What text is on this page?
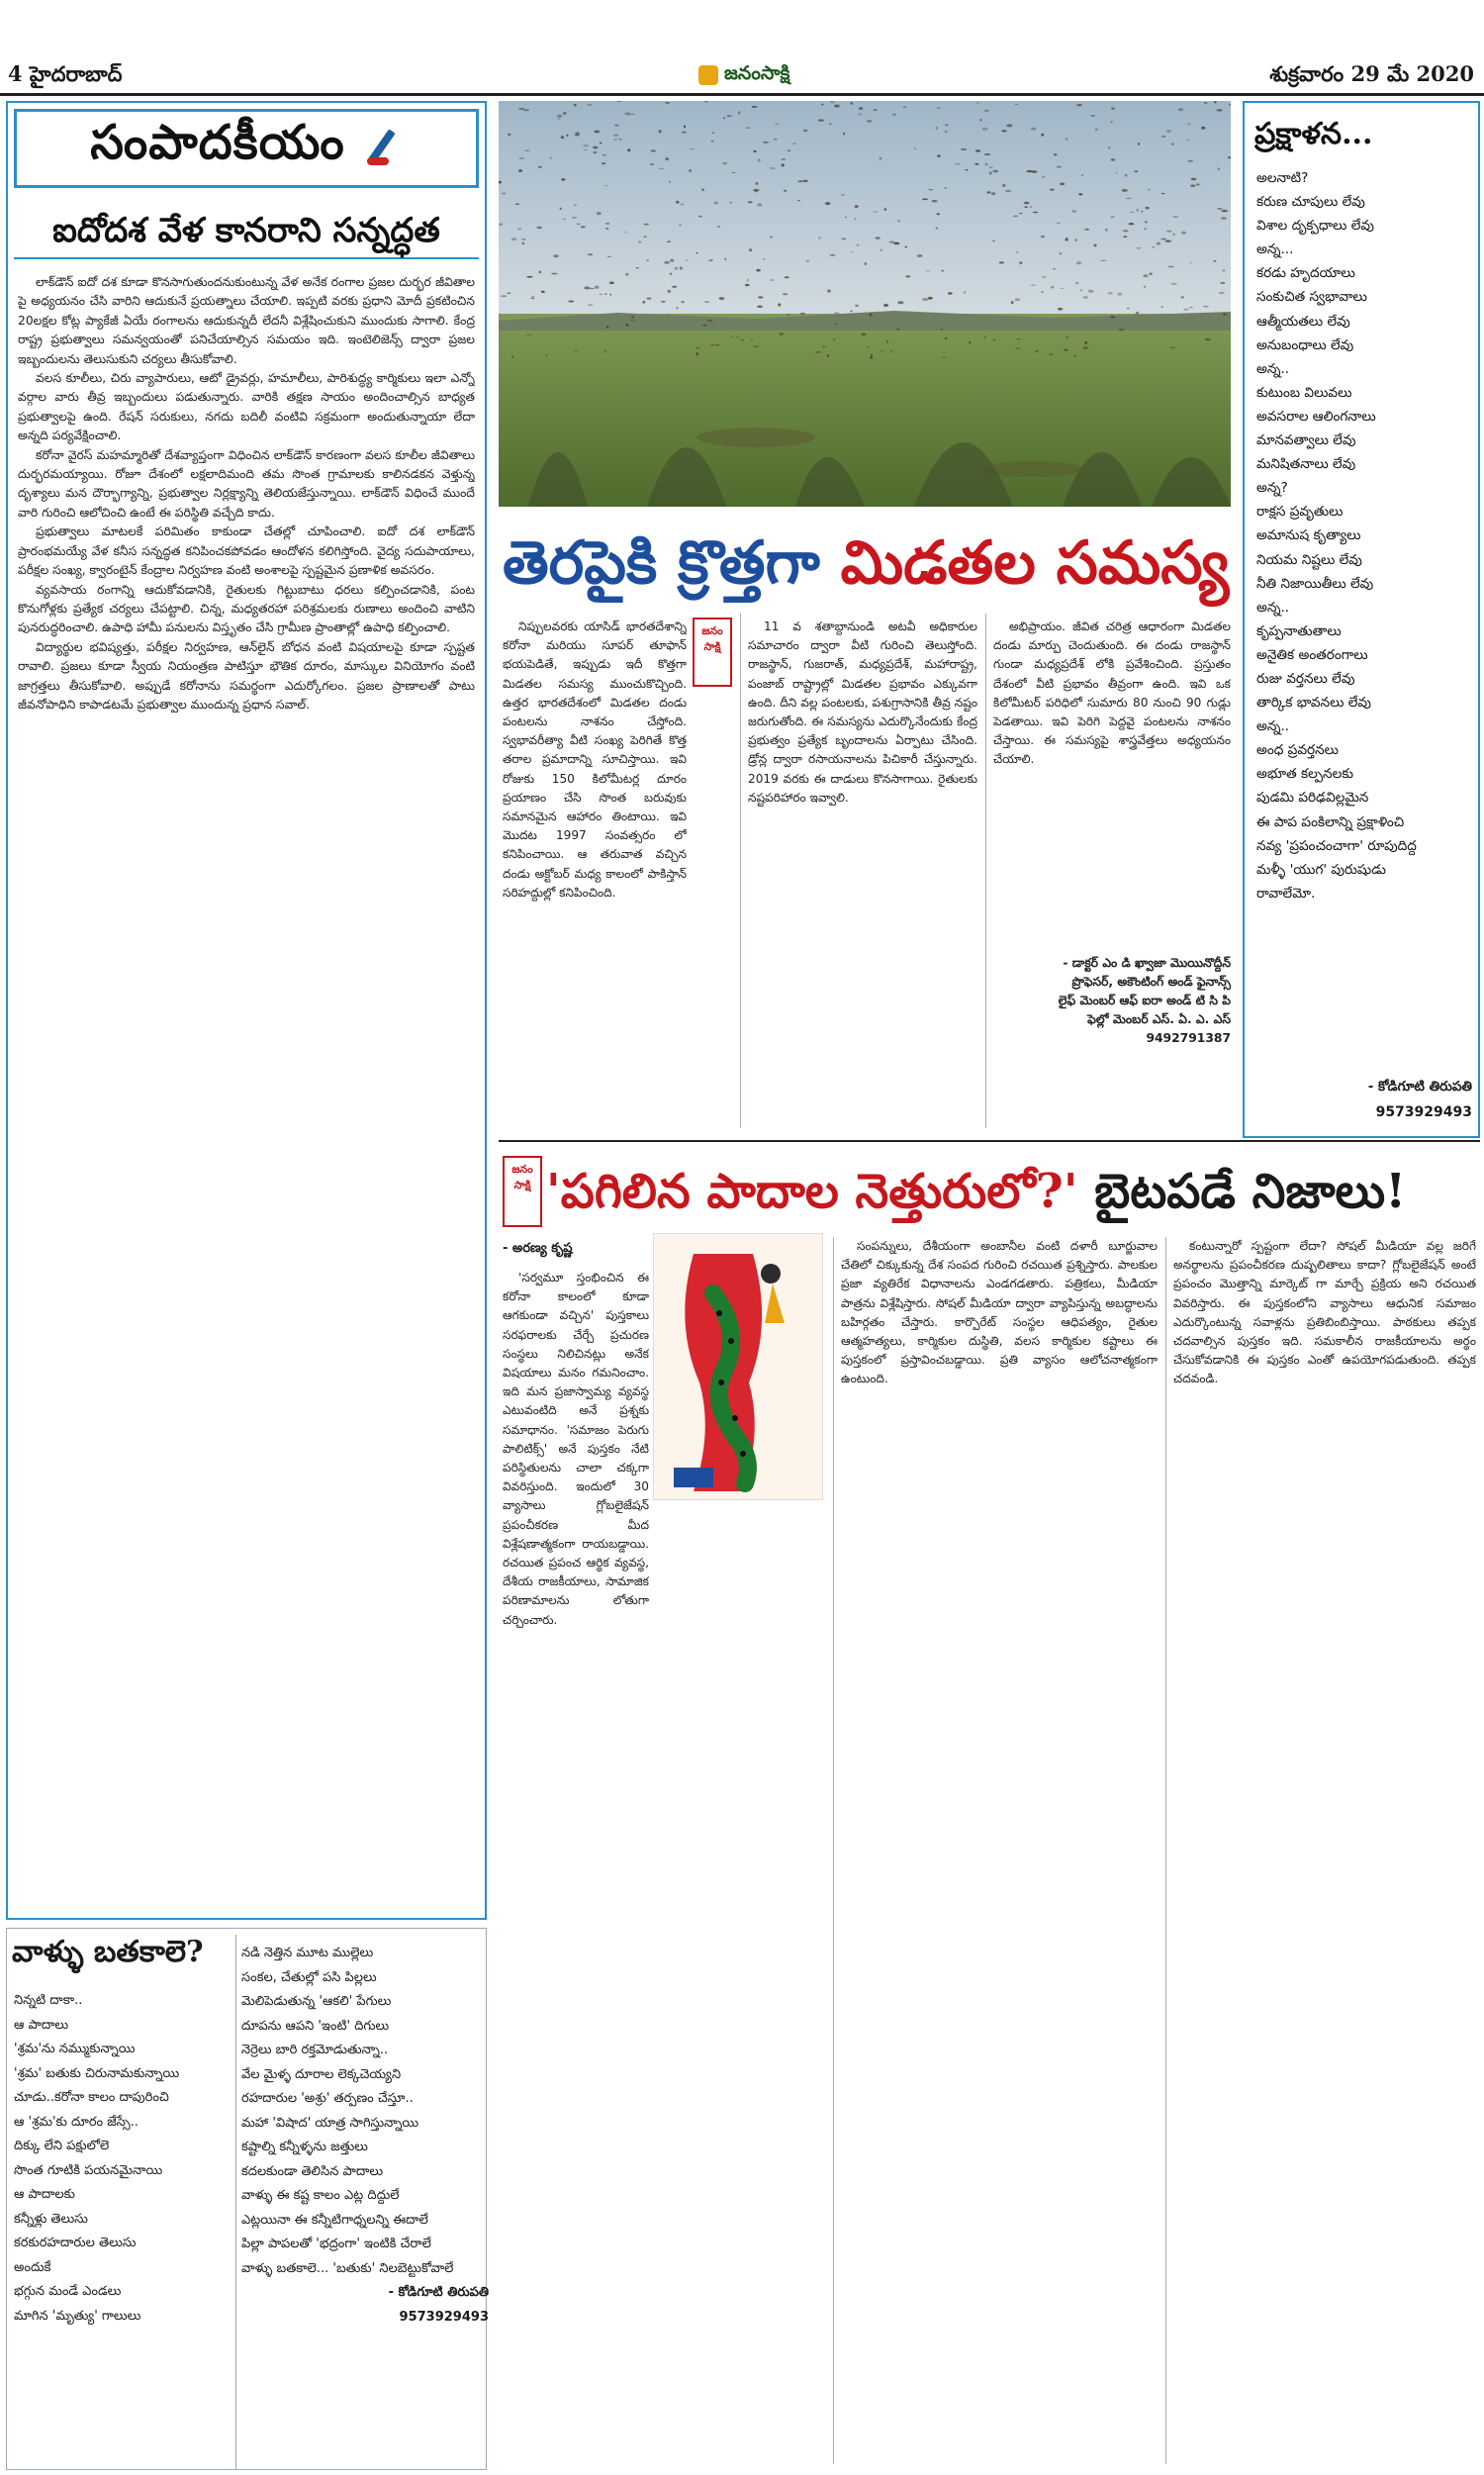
4 హైదరాబాద్	జనంసాక్షి	శుక్రవారం 29 మే 2020
సంపాదకీయం
ఐదోదశ వేళ కానరాని సన్నద్ధత

లాక్‌డౌన్ ఐదో దశ కూడా కొనసాగుతుందనుకుంటున్న వేళ అనేక రంగాల ప్రజల దుర్భర జీవితాల పై అధ్యయనం చేసి వారిని ఆదుకునే ప్రయత్నాలు చేయాలి. ఇప్పటి వరకు ప్రధాని మోదీ ప్రకటించిన 20లక్షల కోట్ల ప్యాకేజీ ఏయే రంగాలను ఆదుకున్నదీ లేదనీ విశ్లేషించుకుని ముందుకు సాగాలి. కేంద్ర రాష్ట్ర ప్రభుత్వాలు సమన్వయంతో పనిచేయాల్సిన సమయం ఇది. ఇంటెలిజెన్స్ ద్వారా ప్రజల ఇబ్బందులను తెలుసుకుని చర్యలు తీసుకోవాలి.

వలస కూలీలు, చిరు వ్యాపారులు, ఆటో డ్రైవర్లు, హమాలీలు, పారిశుద్ధ్య కార్మికులు ఇలా ఎన్నో వర్గాల వారు తీవ్ర ఇబ్బందులు పడుతున్నారు. వారికి తక్షణ సాయం అందించాల్సిన బాధ్యత ప్రభుత్వాలపై ఉంది. రేషన్ సరుకులు, నగదు బదిలీ వంటివి సక్రమంగా అందుతున్నాయా లేదా అన్నది పర్యవేక్షించాలి.

కరోనా వైరస్ మహమ్మారితో దేశవ్యాప్తంగా విధించిన లాక్‌డౌన్ కారణంగా వలస కూలీల జీవితాలు దుర్భరమయ్యాయి. రోజూ దేశంలో లక్షలాదిమంది తమ సొంత గ్రామాలకు కాలినడకన వెళ్తున్న దృశ్యాలు మన దౌర్భాగ్యాన్ని, ప్రభుత్వాల నిర్లక్ష్యాన్ని తెలియజేస్తున్నాయి. లాక్‌డౌన్ విధించే ముందే వారి గురించి ఆలోచించి ఉంటే ఈ పరిస్థితి వచ్చేది కాదు.

ప్రభుత్వాలు మాటలకే పరిమితం కాకుండా చేతల్లో చూపించాలి. ఐదో దశ లాక్‌డౌన్ ప్రారంభమయ్యే వేళ కనీస సన్నద్ధత కనిపించకపోవడం ఆందోళన కలిగిస్తోంది. వైద్య సదుపాయాలు, పరీక్షల సంఖ్య, క్వారంటైన్ కేంద్రాల నిర్వహణ వంటి అంశాలపై స్పష్టమైన ప్రణాళిక అవసరం.

వ్యవసాయ రంగాన్ని ఆదుకోవడానికి, రైతులకు గిట్టుబాటు ధరలు కల్పించడానికి, పంట కొనుగోళ్లకు ప్రత్యేక చర్యలు చేపట్టాలి. చిన్న, మధ్యతరహా పరిశ్రమలకు రుణాలు అందించి వాటిని పునరుద్ధరించాలి. ఉపాధి హామీ పనులను విస్తృతం చేసి గ్రామీణ ప్రాంతాల్లో ఉపాధి కల్పించాలి.

విద్యార్థుల భవిష్యత్తు, పరీక్షల నిర్వహణ, ఆన్‌లైన్ బోధన వంటి విషయాలపై కూడా స్పష్టత రావాలి. ప్రజలు కూడా స్వీయ నియంత్రణ పాటిస్తూ భౌతిక దూరం, మాస్కుల వినియోగం వంటి జాగ్రత్తలు తీసుకోవాలి. అప్పుడే కరోనాను సమర్థంగా ఎదుర్కోగలం. ప్రజల ప్రాణాలతో పాటు జీవనోపాధిని కాపాడటమే ప్రభుత్వాల ముందున్న ప్రధాన సవాల్.

వాళ్ళు బతకాలె?
నిన్నటి దాకా..
ఆ పాదాలు
'శ్రమ'ను నమ్ముకున్నాయి
'శ్రమ' బతుకు చిరునామకున్నాయి
చూడు..కరోనా కాలం దాపురించి
ఆ 'శ్రమ'కు దూరం జేస్సే..
దిక్కు లేని పక్షులోలె
సొంత గూటికి పయనమైనాయి
ఆ పాదాలకు
కన్నీళ్లు తెలుసు
కరకురహదారుల తెలుసు
అందుకే
భగ్గున మండే ఎండలు
మాగిన 'మృత్యు' గాలులు
నడి నెత్తిన మూట ముల్లెలు
సంకల, చేతుల్లో పసి పిల్లలు
మెలిపెడుతున్న 'ఆకలి' పేగులు
దూపను ఆపని 'ఇంటి' దిగులు
నెర్రెలు బారి రక్తమోడుతున్నా..
వేల మైళ్ళ దూరాల లెక్కచెయ్యని
రహదారుల 'అశ్రు' తర్పణం చేస్తూ..
మహా 'విషాద' యాత్ర సాగిస్తున్నాయి
కష్టాల్ని కన్నీళ్ళను జత్తులు
కదలకుండా తెలిసిన పాదాలు
వాళ్ళు ఈ కష్ట కాలం ఎట్ల దిద్దులే
ఎట్లయినా ఈ కన్నీటిగాధ్నలన్ని ఈదాలే
పిల్లా పాపలతో 'భద్రంగా' ఇంటికి చేరాలే
వాళ్ళు బతకాలె... 'బతుకు' నిలబెట్టుకోవాలే
- కోడిగూటి తిరుపతి
9573929493
తెరపైకి క్రొత్తగా మిడతల సమస్య
ప్రక్షాళన...
అలనాటి?
కరుణ చూపులు లేవు
విశాల దృక్పధాలు లేవు
అన్న...
కరడు హృదయాలు
సంకుచిత స్వభావాలు
ఆత్మీయతలు లేవు
అనుబంధాలు లేవు
అన్న..
కుటుంబ విలువలు
అవసరాల ఆలింగనాలు
మానవత్వాలు లేవు
మనిషితనాలు లేవు
అన్న?
రాక్షస ప్రవృతులు
అమానుష కృత్యాలు
నియమ నిష్టలు లేవు
నీతి నిజాయితీలు లేవు
అన్న..
కృప్పనాతుతాలు
అనైతిక అంతరంగాలు
రుజు వర్తనలు లేవు
తార్కిక భావనలు లేవు
అన్న..
అంధ ప్రవర్తనలు
అభూత కల్పనలకు
పుడమి పరిఢవిల్లమైన
ఈ పాప పంకిలాన్ని ప్రక్షాళించి
నవ్య 'ప్రపంచంచాగా' రూపుదిద్ద
మళ్ళీ 'యుగ' పురుషుడు
రావాలేమో.
- కోడిగూటి తిరుపతి
9573929493
జనం సాక్షి

నిప్పులవరకు యాసిడ్ భారతదేశాన్ని కరోనా మరియు సూపర్ తూఫాన్ భయపెడితే, ఇప్పుడు ఇదీ కొత్తగా మిడతల సమస్య ముంచుకొచ్చింది. ఉత్తర భారతదేశంలో మిడతల దండు పంటలను నాశనం చేస్తోంది. స్వభావరీత్యా వీటి సంఖ్య పెరిగితే కొత్త తరాల ప్రమాదాన్ని సూచిస్తాయి. ఇవి రోజుకు 150 కిలోమీటర్ల దూరం ప్రయాణం చేసి సొంత బరువుకు సమానమైన ఆహారం తింటాయి. ఇవి మొదట 1997 సంవత్సరం లో కనిపించాయి. ఆ తరువాత వచ్చిన దండు అక్టోబర్ మధ్య కాలంలో పాకిస్తాన్ సరిహద్దుల్లో కనిపించింది.

11 వ శతాబ్దానుండి అటవీ అధికారుల సమాచారం ద్వారా వీటి గురించి తెలుస్తోంది. రాజస్థాన్, గుజరాత్, మధ్యప్రదేశ్, మహారాష్ట్ర, పంజాబ్ రాష్ట్రాల్లో మిడతల ప్రభావం ఎక్కువగా ఉంది. దీని వల్ల పంటలకు, పశుగ్రాసానికి తీవ్ర నష్టం జరుగుతోంది. ఈ సమస్యను ఎదుర్కొనేందుకు కేంద్ర ప్రభుత్వం ప్రత్యేక బృందాలను ఏర్పాటు చేసింది. డ్రోన్ల ద్వారా రసాయనాలను పిచికారీ చేస్తున్నారు. 2019 వరకు ఈ దాడులు కొనసాగాయి. రైతులకు నష్టపరిహారం ఇవ్వాలి.

అభిప్రాయం. జీవిత చరిత్ర ఆధారంగా మిడతల దండు మార్పు చెందుతుంది. ఈ దండు రాజస్థాన్ గుండా మధ్యప్రదేశ్ లోకి ప్రవేశించింది. ప్రస్తుతం దేశంలో వీటి ప్రభావం తీవ్రంగా ఉంది. ఇవి ఒక కిలోమీటర్ పరిధిలో సుమారు 80 నుంచి 90 గుడ్లు పెడతాయి. ఇవి పెరిగి పెద్దవై పంటలను నాశనం చేస్తాయి. ఈ సమస్యపై శాస్త్రవేత్తలు అధ్యయనం చేయాలి.

- డాక్టర్ ఎం డి ఖ్వాజా మొయినొద్దీన్
ప్రొఫెసర్, అకౌంటింగ్ అండ్ ఫైనాన్స్
లైఫ్ మెంబర్ ఆఫ్ ఐరా అండ్ టి సి పి
ఫెల్లో మెంబర్ ఎస్. ఏ. ఎ. ఎస్
9492791387
జనం సాక్షి 'పగిలిన పాదాల నెత్తురులో?' బైటపడే నిజాలు!
- అరణ్య కృష్ణ

'సర్వమూ స్తంభించిన ఈ కరోనా కాలంలో కూడా ఆగకుండా వచ్చిన' పుస్తకాలు సరఫరాలకు చేర్చే ప్రచురణ సంస్థలు నిలిచినట్లు అనేక విషయాలు మనం గమనించాం. ఇది మన ప్రజాస్వామ్య వ్యవస్థ ఎటువంటిది అనే ప్రశ్నకు సమాధానం. 'సమాజం పెరుగు పాలిటిక్స్' అనే పుస్తకం నేటి పరిస్థితులను చాలా చక్కగా వివరిస్తుంది. ఇందులో 30 వ్యాసాలు గ్లోబలైజేషన్ ప్రపంచీకరణ మీద విశ్లేషణాత్మకంగా రాయబడ్డాయి. రచయిత ప్రపంచ ఆర్థిక వ్యవస్థ, దేశీయ రాజకీయాలు, సామాజిక పరిణామాలను లోతుగా చర్చించారు.

సంపన్నులు, దేశీయంగా అంబానీల వంటి దళారీ బూర్జువాల చేతిలో చిక్కుకున్న దేశ సంపద గురించి రచయిత ప్రశ్నిస్తారు. పాలకుల ప్రజా వ్యతిరేక విధానాలను ఎండగడతారు. పత్రికలు, మీడియా పాత్రను విశ్లేషిస్తారు. సోషల్ మీడియా ద్వారా వ్యాపిస్తున్న అబద్ధాలను బహిర్గతం చేస్తారు. కార్పొరేట్ సంస్థల ఆధిపత్యం, రైతుల ఆత్మహత్యలు, కార్మికుల దుస్థితి, వలస కార్మికుల కష్టాలు ఈ పుస్తకంలో ప్రస్తావించబడ్డాయి. ప్రతి వ్యాసం ఆలోచనాత్మకంగా ఉంటుంది.

కంటున్నారో స్పష్టంగా లేదా? సోషల్ మీడియా వల్ల జరిగే అనర్థాలను ప్రపంచీకరణ దుష్పలితాలు కాదా? గ్లోబలైజేషన్ అంటే ప్రపంచం మొత్తాన్ని మార్కెట్ గా మార్చే ప్రక్రియ అని రచయిత వివరిస్తారు. ఈ పుస్తకంలోని వ్యాసాలు ఆధునిక సమాజం ఎదుర్కొంటున్న సవాళ్లను ప్రతిబింబిస్తాయి. పాఠకులు తప్పక చదవాల్సిన పుస్తకం ఇది. సమకాలీన రాజకీయాలను అర్థం చేసుకోవడానికి ఈ పుస్తకం ఎంతో ఉపయోగపడుతుంది. తప్పక చదవండి.
